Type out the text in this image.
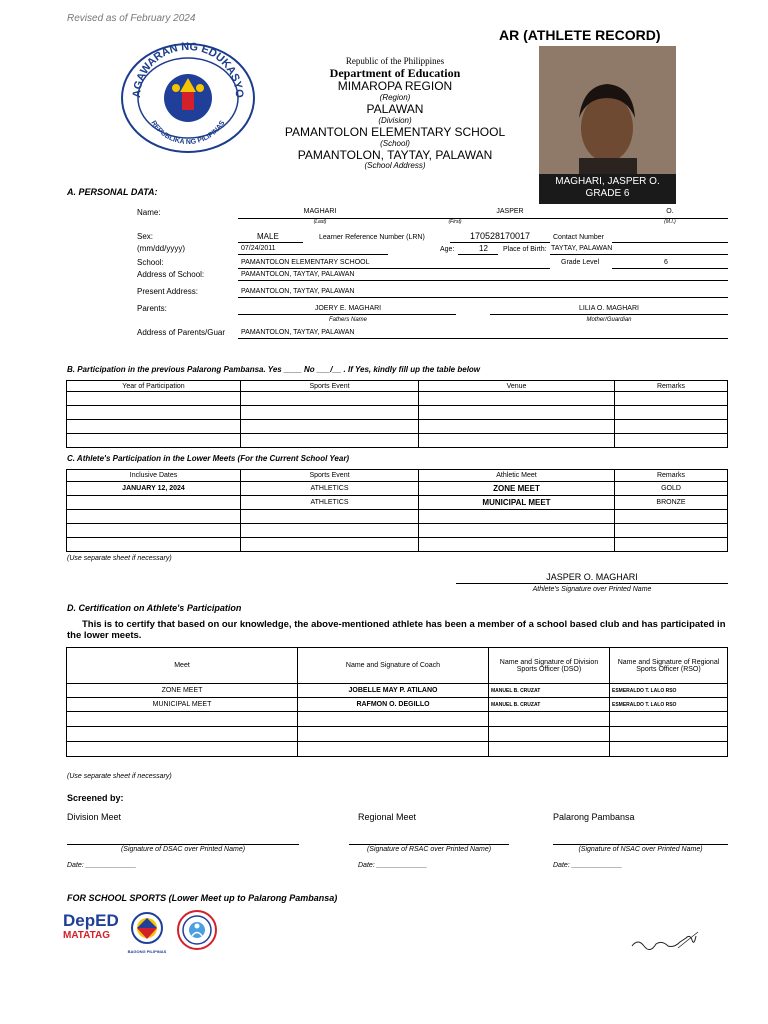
Revised as of February 2024
AR (ATHLETE RECORD)
AGAWARAN NG EDUKASYO
REPUBLIKA NG PILIPINAS
Republic of the Philippines
Department of Education
MIMAROPA REGION
(Region)
PALAWAN
(Division)
PAMANTOLON ELEMENTARY SCHOOL
(School)
PAMANTOLON, TAYTAY, PALAWAN
(School Address)
MAGHARI, JASPER O.
GRADE 6
A. PERSONAL DATA:
Name:	MAGHARI	JASPER	O.
(Last)	(First)	(M.I.)
Sex:	MALE	Learner Reference Number (LRN)	170528170017	Contact Number
(mm/dd/yyyy)	07/24/2011	Age:	12 Place of Birth: TAYTAY, PALAWAN
School:	PAMANTOLON ELEMENTARY SCHOOL	Grade Level	6
Address of School:	PAMANTOLON, TAYTAY, PALAWAN
Present Address:	PAMANTOLON, TAYTAY, PALAWAN
Parents:	JOERY E. MAGHARI
Fathers Name
LILIA O. MAGHARI
Mother/Guardian
Address of Parents/Guar PAMANTOLON, TAYTAY, PALAWAN
B. Participation in the previous Palarong Pambansa. Yes ____ No ___/__ . If Yes, kindly fill up the table below
Year of Participation	Sports Event	Venue	Remarks

C. Athlete's Participation in the Lower Meets (For the Current School Year)
Inclusive Dates	Sports Event	Athletic Meet	Remarks
JANUARY 12, 2024	ATHLETICS	ZONE MEET	GOLD
	ATHLETICS	MUNICIPAL MEET	BRONZE

(Use separate sheet if necessary)
JASPER O. MAGHARI
Athlete's Signature over Printed Name
D. Certification on Athlete's Participation
This is to certify that based on our knowledge, the above-mentioned athlete has been a member of a school based club and has participated in the lower meets.
Meet	Name and Signature of Coach	Name and Signature of Division Sports Officer (DSO)	Name and Signature of Regional Sports Officer (RSO)
ZONE MEET	JOBELLE MAY P. ATILANO	MANUEL B. CRUZAT	ESMERALDO T. LALO RSO
MUNICIPAL MEET	RAFMON O. DEGILLO	MANUEL B. CRUZAT	ESMERALDO T. LALO RSO

(Use separate sheet if necessary)
Screened by:
Division Meet	Regional Meet	Palarong Pambansa
(Signature of DSAC over Printed Name)	(Signature of RSAC over Printed Name)	(Signature of NSAC over Printed Name)
Date: _____________	Date: _____________	Date: _____________
FOR SCHOOL SPORTS (Lower Meet up to Palarong Pambansa)
DepED
MATATAG
BAGONG PILIPINAS
